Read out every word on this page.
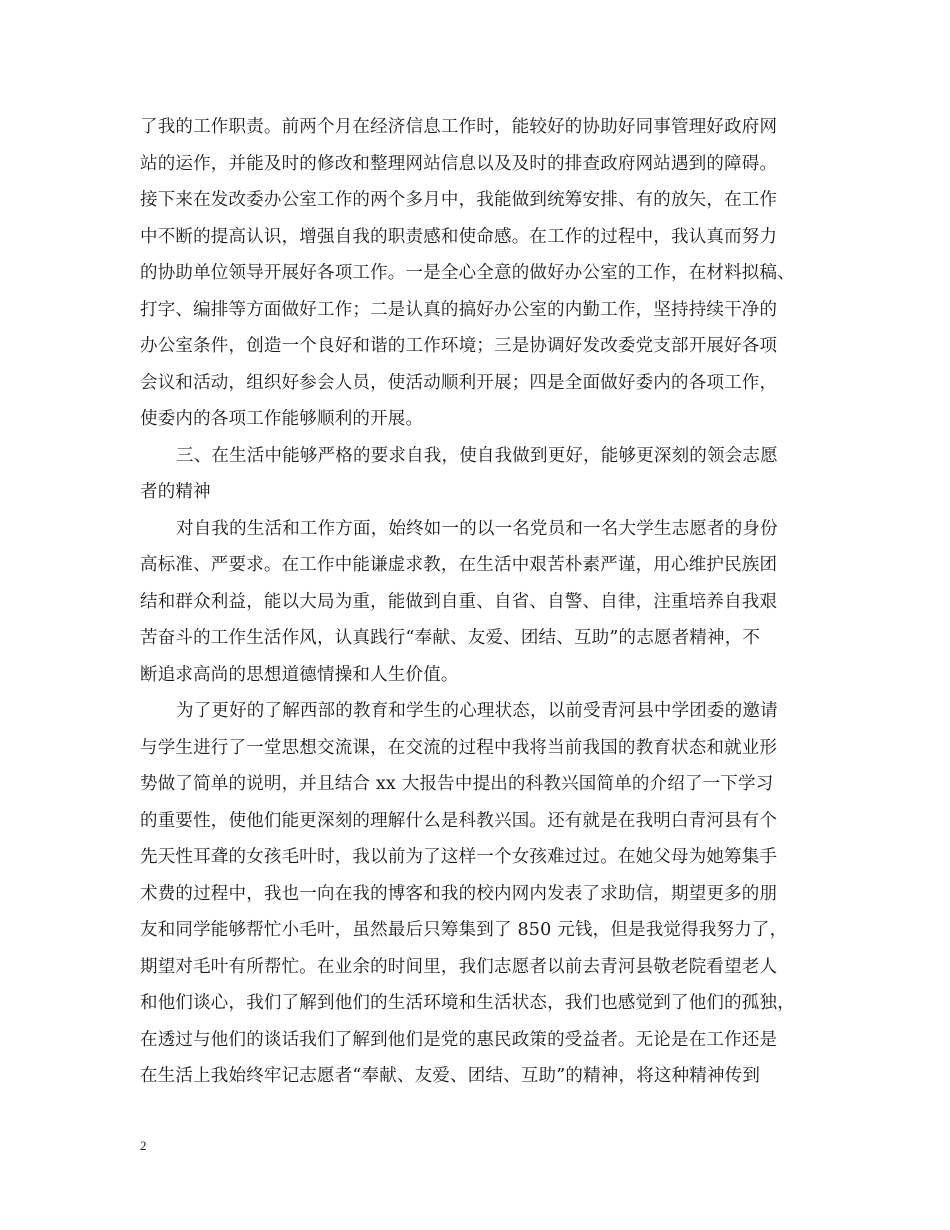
了我的工作职责。前两个月在经济信息工作时，能较好的协助好同事管理好政府网
站的运作，并能及时的修改和整理网站信息以及及时的排查政府网站遇到的障碍。
接下来在发改委办公室工作的两个多月中，我能做到统筹安排、有的放矢，在工作
中不断的提高认识，增强自我的职责感和使命感。在工作的过程中，我认真而努力
的协助单位领导开展好各项工作。一是全心全意的做好办公室的工作，在材料拟稿、
打字、编排等方面做好工作；二是认真的搞好办公室的内勤工作，坚持持续干净的
办公室条件，创造一个良好和谐的工作环境；三是协调好发改委党支部开展好各项
会议和活动，组织好参会人员，使活动顺利开展；四是全面做好委内的各项工作，
使委内的各项工作能够顺利的开展。
三、在生活中能够严格的要求自我，使自我做到更好，能够更深刻的领会志愿
者的精神
对自我的生活和工作方面，始终如一的以一名党员和一名大学生志愿者的身份
高标准、严要求。在工作中能谦虚求教，在生活中艰苦朴素严谨，用心维护民族团
结和群众利益，能以大局为重，能做到自重、自省、自警、自律，注重培养自我艰
苦奋斗的工作生活作风，认真践行“奉献、友爱、团结、互助”的志愿者精神，不
断追求高尚的思想道德情操和人生价值。
为了更好的了解西部的教育和学生的心理状态，以前受青河县中学团委的邀请
与学生进行了一堂思想交流课，在交流的过程中我将当前我国的教育状态和就业形
势做了简单的说明，并且结合 xx 大报告中提出的科教兴国简单的介绍了一下学习
的重要性，使他们能更深刻的理解什么是科教兴国。还有就是在我明白青河县有个
先天性耳聋的女孩毛叶时，我以前为了这样一个女孩难过过。在她父母为她筹集手
术费的过程中，我也一向在我的博客和我的校内网内发表了求助信，期望更多的朋
友和同学能够帮忙小毛叶，虽然最后只筹集到了 850 元钱，但是我觉得我努力了，
期望对毛叶有所帮忙。在业余的时间里，我们志愿者以前去青河县敬老院看望老人
和他们谈心，我们了解到他们的生活环境和生活状态，我们也感觉到了他们的孤独，
在透过与他们的谈话我们了解到他们是党的惠民政策的受益者。无论是在工作还是
在生活上我始终牢记志愿者“奉献、友爱、团结、互助”的精神，将这种精神传到
2
